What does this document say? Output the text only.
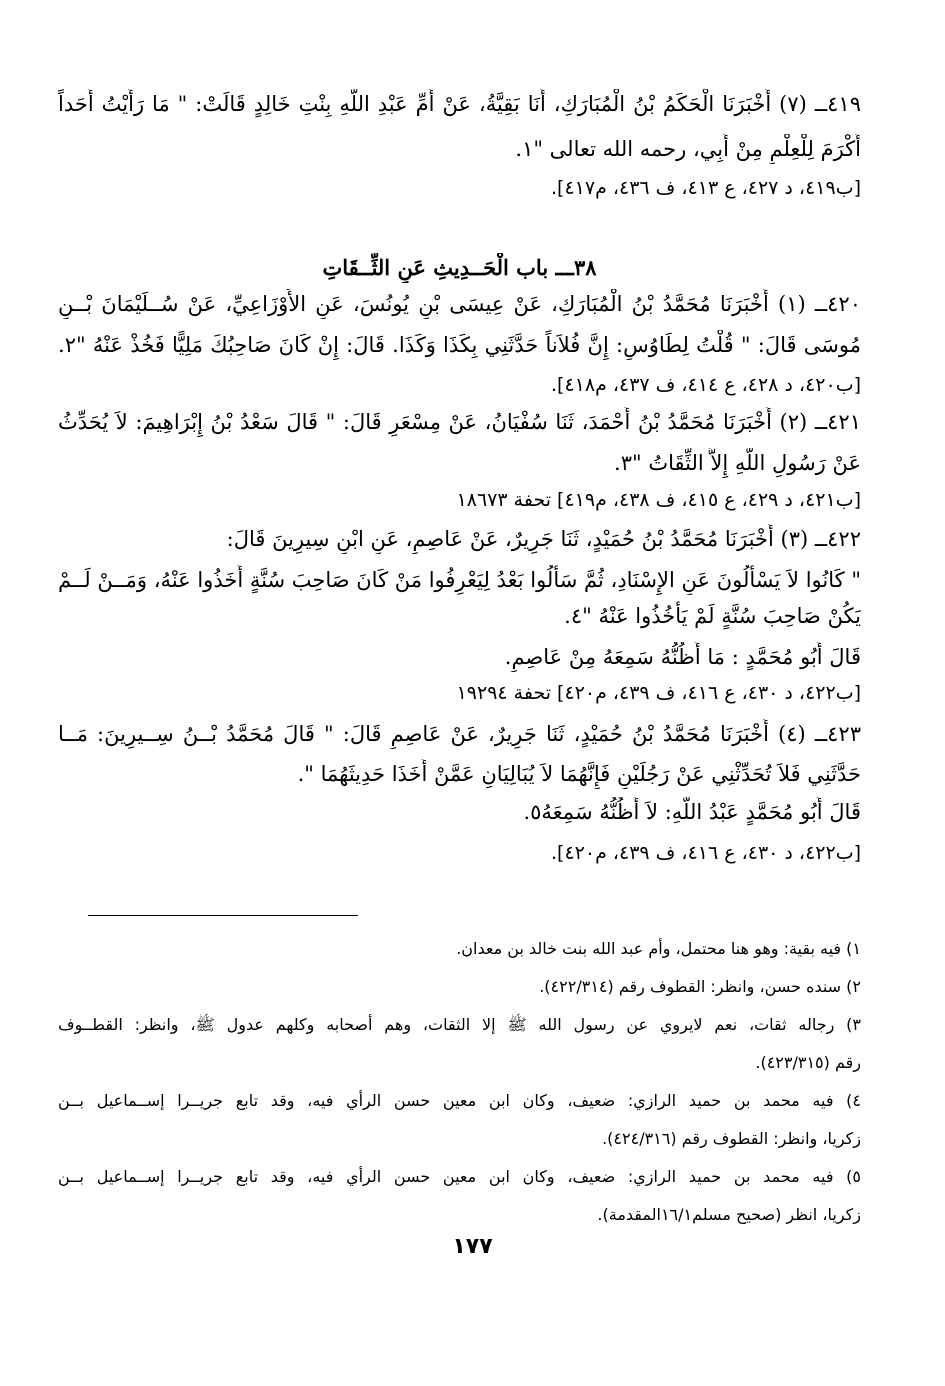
١٧٧
٤١٩ــ (٧) أَخْبَرَنَا الْحَكَمُ بْنُ الْمُبَارَكِ، أَنَا بَقِيَّةُ، عَنْ أُمِّ عَبْدِ اللَّهِ بِنْتِ خَالِدٍ قَالَتْ: " مَا رَأَيْتُ أَحَداً
أَكْرَمَ لِلْعِلْمِ مِنْ أَبِي، رحمه الله تعالى "١.
[ب٤١٩، د ٤٢٧، ع ٤١٣، ف ٤٣٦، م٤١٧].
٣٨ـــ باب الْحَــدِيثِ عَنِ الثِّــقَاتِ
٤٢٠ــ (١) أَخْبَرَنَا مُحَمَّدُ بْنُ الْمُبَارَكِ، عَنْ عِيسَى بْنِ يُونُسَ، عَنِ الأَوْزَاعِيِّ، عَنْ سُــلَيْمَانَ بْــنِ
مُوسَى قَالَ: " قُلْتُ لِطَاوُسٍ: إِنَّ فُلاَناً حَدَّثَنِي بِكَذَا وَكَذَا. قَالَ: إِنْ كَانَ صَاحِبُكَ مَلِيًّا فَخُذْ عَنْهُ "٢.
[ب٤٢٠، د ٤٢٨، ع ٤١٤، ف ٤٣٧، م٤١٨].
٤٢١ــ (٢) أَخْبَرَنَا مُحَمَّدُ بْنُ أَحْمَدَ، ثَنَا سُفْيَانُ، عَنْ مِسْعَرٍ قَالَ: " قَالَ سَعْدُ بْنُ إِبْرَاهِيمَ: لاَ يُحَدِّثُ
عَنْ رَسُولِ اللَّهِ إِلاَّ الثِّقَاتُ "٣.
[ب٤٢١، د ٤٢٩، ع ٤١٥، ف ٤٣٨، م٤١٩] تحفة ١٨٦٧٣
٤٢٢ــ (٣) أَخْبَرَنَا مُحَمَّدُ بْنُ حُمَيْدٍ، ثَنَا جَرِيرٌ، عَنْ عَاصِمٍ، عَنِ ابْنِ سِيرِينَ قَالَ:
" كَانُوا لاَ يَسْأَلُونَ عَنِ الإِسْنَادِ، ثُمَّ سَأَلُوا بَعْدُ لِيَعْرِفُوا مَنْ كَانَ صَاحِبَ سُنَّةٍ أَخَذُوا عَنْهُ، وَمَــنْ لَــمْ
يَكُنْ صَاحِبَ سُنَّةٍ لَمْ يَأْخُذُوا عَنْهُ "٤.
قَالَ أَبُو مُحَمَّدٍ : مَا أَظُنُّهُ سَمِعَهُ مِنْ عَاصِمٍ.
[ب٤٢٢، د ٤٣٠، ع ٤١٦، ف ٤٣٩، م٤٢٠] تحفة ١٩٢٩٤
٤٢٣ــ (٤) أَخْبَرَنَا مُحَمَّدُ بْنُ حُمَيْدٍ، ثَنَا جَرِيرٌ، عَنْ عَاصِمٍ قَالَ: " قَالَ مُحَمَّدُ بْــنُ سِــيرِينَ: مَــا
حَدَّثَنِي فَلاَ تُحَدِّثْنِي عَنْ رَجُلَيْنِ فَإِنَّهُمَا لاَ يُبَالِيَانِ عَمَّنْ أَخَذَا حَدِيثَهُمَا ".
قَالَ أَبُو مُحَمَّدٍ عَبْدُ اللَّهِ: لاَ أَظُنُّهُ سَمِعَهُ٥.
[ب٤٢٢، د ٤٣٠، ع ٤١٦، ف ٤٣٩، م٤٢٠].
١) فيه بقية: وهو هنا محتمل، وأم عبد الله بنت خالد بن معدان.
٢) سنده حسن، وانظر: القطوف رقم (٤٢٢/٣١٤).
٣) رجاله ثقات، نعم لايروي عن رسول الله ﷺ إلا الثقات، وهم أصحابه وكلهم عدول ﷺ، وانظر: القطــوف
رقم (٤٢٣/٣١٥).
٤) فيه محمد بن حميد الرازي: ضعيف، وكان ابن معين حسن الرأي فيه، وقد تابع جريــرا إســماعيل بــن
زكريا، وانظر: القطوف رقم (٤٢٤/٣١٦).
٥) فيه محمد بن حميد الرازي: ضعيف، وكان ابن معين حسن الرأي فيه، وقد تابع جريــرا إســماعيل بــن
زكريا، انظر (صحيح مسلم١٦/١المقدمة).
